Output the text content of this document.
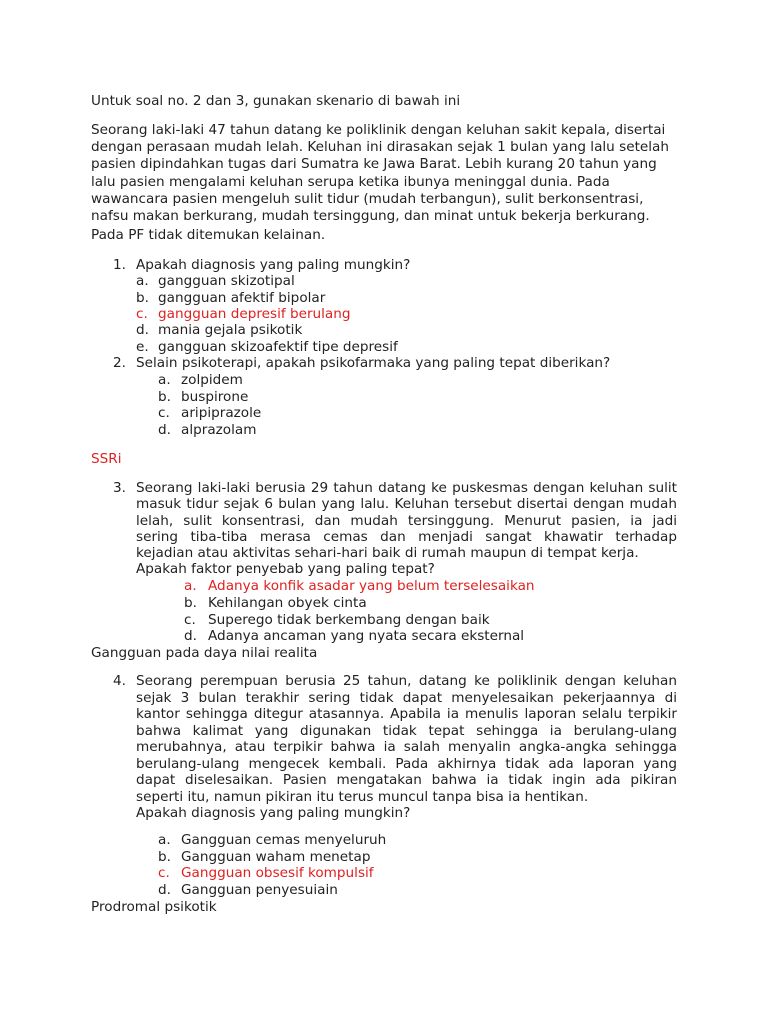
Untuk soal no. 2 dan 3, gunakan skenario di bawah ini
Seorang laki-laki 47 tahun datang ke poliklinik dengan keluhan sakit kepala, disertai
dengan perasaan mudah lelah. Keluhan ini dirasakan sejak 1 bulan yang lalu setelah
pasien dipindahkan tugas dari Sumatra ke Jawa Barat. Lebih kurang 20 tahun yang
lalu pasien mengalami keluhan serupa ketika ibunya meninggal dunia. Pada
wawancara pasien mengeluh sulit tidur (mudah terbangun), sulit berkonsentrasi,
nafsu makan berkurang, mudah tersinggung, dan minat untuk bekerja berkurang.
Pada PF tidak ditemukan kelainan.
1. Apakah diagnosis yang paling mungkin?
a. gangguan skizotipal
b. gangguan afektif bipolar
c. gangguan depresif berulang
d. mania gejala psikotik
e. gangguan skizoafektif tipe depresif
2. Selain psikoterapi, apakah psikofarmaka yang paling tepat diberikan?
a. zolpidem
b. buspirone
c. aripiprazole
d. alprazolam
SSRi
3. Seorang laki-laki berusia 29 tahun datang ke puskesmas dengan keluhan sulit
masuk tidur sejak 6 bulan yang lalu. Keluhan tersebut disertai dengan mudah
lelah, sulit konsentrasi, dan mudah tersinggung. Menurut pasien, ia jadi
sering tiba-tiba merasa cemas dan menjadi sangat khawatir terhadap
kejadian atau aktivitas sehari-hari baik di rumah maupun di tempat kerja.
Apakah faktor penyebab yang paling tepat?
a. Adanya konfik asadar yang belum terselesaikan
b. Kehilangan obyek cinta
c. Superego tidak berkembang dengan baik
d. Adanya ancaman yang nyata secara eksternal
Gangguan pada daya nilai realita
4. Seorang perempuan berusia 25 tahun, datang ke poliklinik dengan keluhan
sejak 3 bulan terakhir sering tidak dapat menyelesaikan pekerjaannya di
kantor sehingga ditegur atasannya. Apabila ia menulis laporan selalu terpikir
bahwa kalimat yang digunakan tidak tepat sehingga ia berulang-ulang
merubahnya, atau terpikir bahwa ia salah menyalin angka-angka sehingga
berulang-ulang mengecek kembali. Pada akhirnya tidak ada laporan yang
dapat diselesaikan. Pasien mengatakan bahwa ia tidak ingin ada pikiran
seperti itu, namun pikiran itu terus muncul tanpa bisa ia hentikan.
Apakah diagnosis yang paling mungkin?
a. Gangguan cemas menyeluruh
b. Gangguan waham menetap
c. Gangguan obsesif kompulsif
d. Gangguan penyesuiain
Prodromal psikotik
